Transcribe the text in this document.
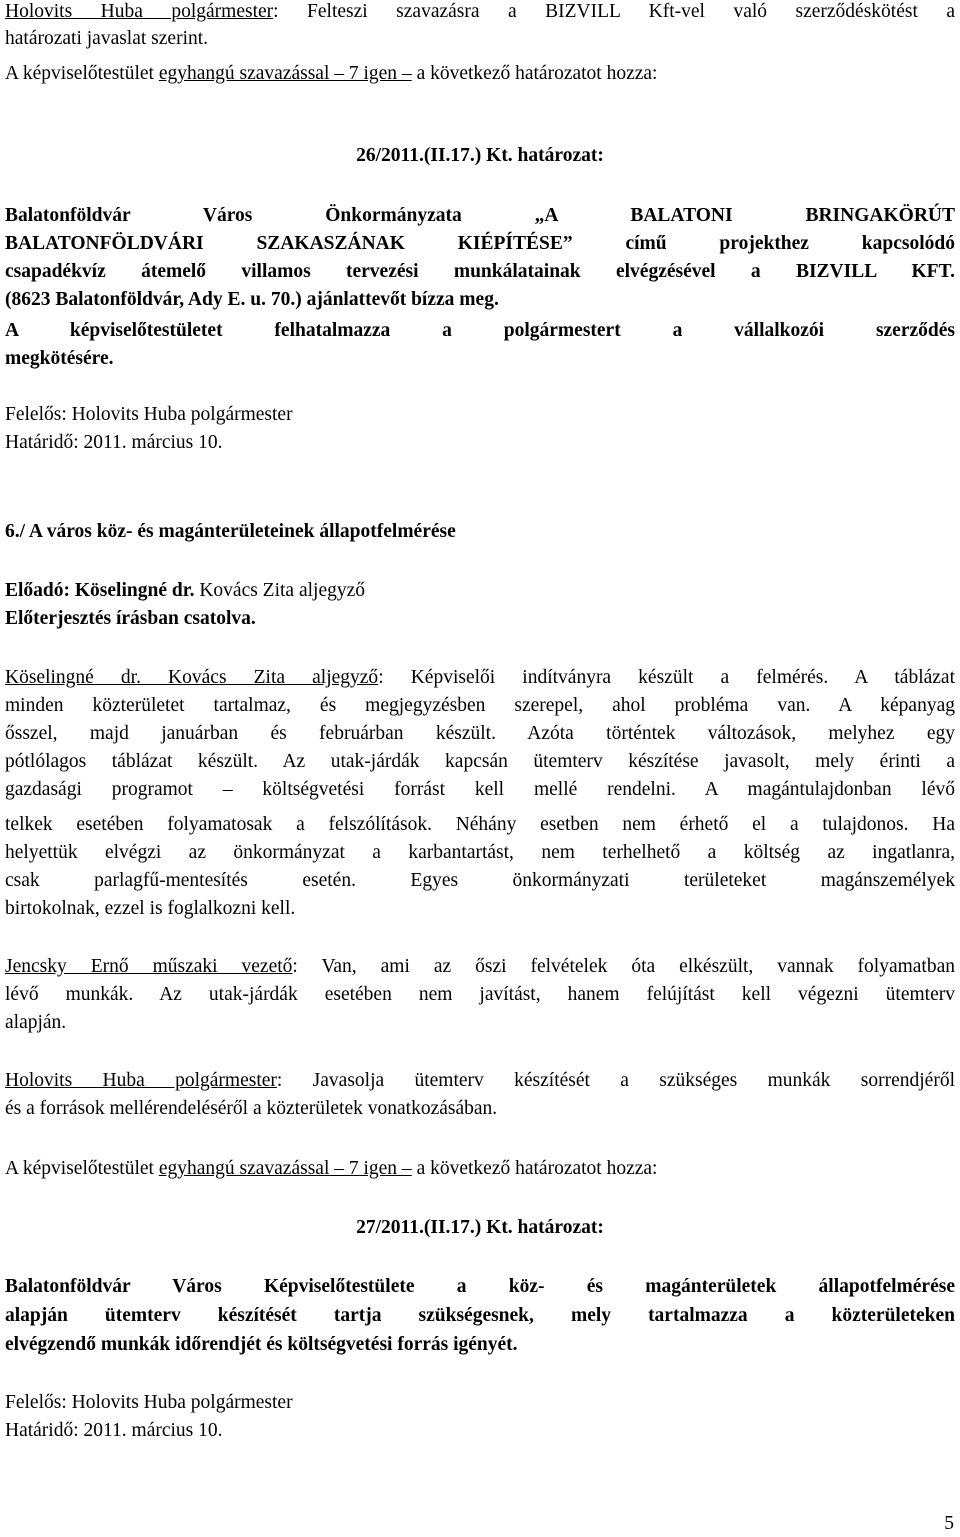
Holovits Huba polgármester: Felteszi szavazásra a BIZVILL Kft-vel való szerződéskötést a
határozati javaslat szerint.
A képviselőtestület egyhangú szavazással – 7 igen – a következő határozatot hozza:
26/2011.(II.17.) Kt. határozat:
Balatonföldvár Város Önkormányzata „A BALATONI BRINGAKÖRÚT
BALATONFÖLDVÁRI SZAKASZÁNAK KIÉPÍTÉSE” című projekthez kapcsolódó
csapadékvíz átemelő villamos tervezési munkálatainak elvégzésével a BIZVILL KFT.
(8623 Balatonföldvár, Ady E. u. 70.) ajánlattevőt bízza meg.
A képviselőtestületet felhatalmazza a polgármestert a vállalkozói szerződés
megkötésére.
Felelős: Holovits Huba polgármester
Határidő: 2011. március 10.
6./ A város köz- és magánterületeinek állapotfelmérése
Előadó: Köselingné dr. Kovács Zita aljegyző
Előterjesztés írásban csatolva.
Köselingné dr. Kovács Zita aljegyző: Képviselői indítványra készült a felmérés. A táblázat
minden közterületet tartalmaz, és megjegyzésben szerepel, ahol probléma van. A képanyag
ősszel, majd januárban és februárban készült. Azóta történtek változások, melyhez egy
pótlólagos táblázat készült. Az utak-járdák kapcsán ütemterv készítése javasolt, mely érinti a
gazdasági programot – költségvetési forrást kell mellé rendelni. A magántulajdonban lévő
telkek esetében folyamatosak a felszólítások. Néhány esetben nem érhető el a tulajdonos. Ha
helyettük elvégzi az önkormányzat a karbantartást, nem terhelhető a költség az ingatlanra,
csak parlagfű-mentesítés esetén. Egyes önkormányzati területeket magánszemélyek
birtokolnak, ezzel is foglalkozni kell.
Jencsky Ernő műszaki vezető: Van, ami az őszi felvételek óta elkészült, vannak folyamatban
lévő munkák. Az utak-járdák esetében nem javítást, hanem felújítást kell végezni ütemterv
alapján.
Holovits Huba polgármester: Javasolja ütemterv készítését a szükséges munkák sorrendjéről
és a források mellérendeléséről a közterületek vonatkozásában.
A képviselőtestület egyhangú szavazással – 7 igen – a következő határozatot hozza:
27/2011.(II.17.) Kt. határozat:
Balatonföldvár Város Képviselőtestülete a köz- és magánterületek állapotfelmérése
alapján ütemterv készítését tartja szükségesnek, mely tartalmazza a közterületeken
elvégzendő munkák időrendjét és költségvetési forrás igényét.
Felelős: Holovits Huba polgármester
Határidő: 2011. március 10.
5
